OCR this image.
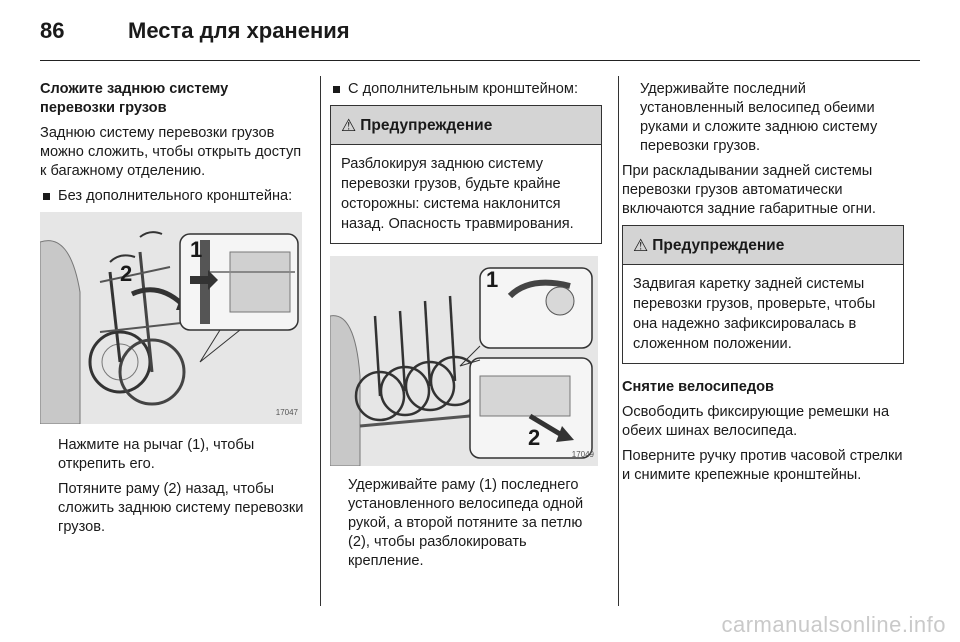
86	Места для хранения

Сложите заднюю систему перевозки грузов

Заднюю систему перевозки грузов можно сложить, чтобы открыть доступ к багажному отделению.

Без дополнительного кронштейна:

1
2
17047

Нажмите на рычаг (1), чтобы открепить его.

Потяните раму (2) назад, чтобы сложить заднюю систему перевозки грузов.

С дополнительным кронштейном:

⚠ Предупреждение
Разблокируя заднюю систему перевозки грузов, будьте крайне осторожны: система наклонится назад. Опасность травмирования.
1
2
17049

Удерживайте раму (1) последнего установленного велосипеда одной рукой, а второй потяните за петлю (2), чтобы разблокировать крепление.

Удерживайте последний установленный велосипед обеими руками и сложите заднюю систему перевозки грузов.

При раскладывании задней системы перевозки грузов автоматически включаются задние габаритные огни.

⚠ Предупреждение
Задвигая каретку задней системы перевозки грузов, проверьте, чтобы она надежно зафиксировалась в сложенном положении.

Снятие велосипедов

Освободить фиксирующие ремешки на обеих шинах велосипеда.

Поверните ручку против часовой стрелки и снимите крепежные кронштейны.

carmanualsonline.info
